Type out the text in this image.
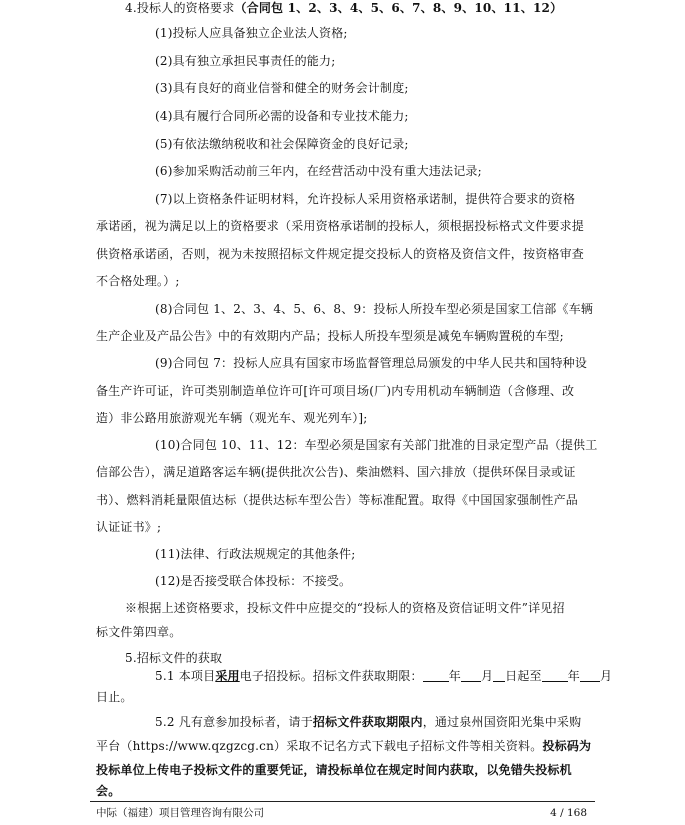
4.投标人的资格要求（合同包 1、2、3、4、5、6、7、8、9、10、11、12）
(1)投标人应具备独立企业法人资格;
(2)具有独立承担民事责任的能力;
(3)具有良好的商业信誉和健全的财务会计制度;
(4)具有履行合同所必需的设备和专业技术能力;
(5)有依法缴纳税收和社会保障资金的良好记录;
(6)参加采购活动前三年内，在经营活动中没有重大违法记录;
(7)以上资格条件证明材料，允许投标人采用资格承诺制，提供符合要求的资格
承诺函，视为满足以上的资格要求（采用资格承诺制的投标人，须根据投标格式文件要求提
供资格承诺函，否则，视为未按照招标文件规定提交投标人的资格及资信文件，按资格审查
不合格处理。）;
(8)合同包 1、2、3、4、5、6、8、9：投标人所投车型必须是国家工信部《车辆
生产企业及产品公告》中的有效期内产品；投标人所投车型须是减免车辆购置税的车型;
(9)合同包 7：投标人应具有国家市场监督管理总局颁发的中华人民共和国特种设
备生产许可证，许可类别制造单位许可[许可项目场(厂)内专用机动车辆制造（含修理、改
造）非公路用旅游观光车辆（观光车、观光列车）];
(10)合同包 10、11、12：车型必须是国家有关部门批准的目录定型产品（提供工
信部公告），满足道路客运车辆(提供批次公告)、柴油燃料、国六排放（提供环保目录或证
书）、燃料消耗量限值达标（提供达标车型公告）等标准配置。取得《中国国家强制性产品
认证证书》;
(11)法律、行政法规规定的其他条件;
(12)是否接受联合体投标：不接受。
※根据上述资格要求，投标文件中应提交的“投标人的资格及资信证明文件”详见招
标文件第四章。
5.招标文件的获取
5.1 本项目采用电子招投标。招标文件获取期限： 年 月 日起至 年 月
日止。
5.2 凡有意参加投标者，请于招标文件获取期限内，通过泉州国资阳光集中采购
平台（https://www.qzgzcg.cn）采取不记名方式下载电子招标文件等相关资料。投标码为
投标单位上传电子投标文件的重要凭证，请投标单位在规定时间内获取，以免错失投标机
会。
中际（福建）项目管理咨询有限公司	4 / 168
